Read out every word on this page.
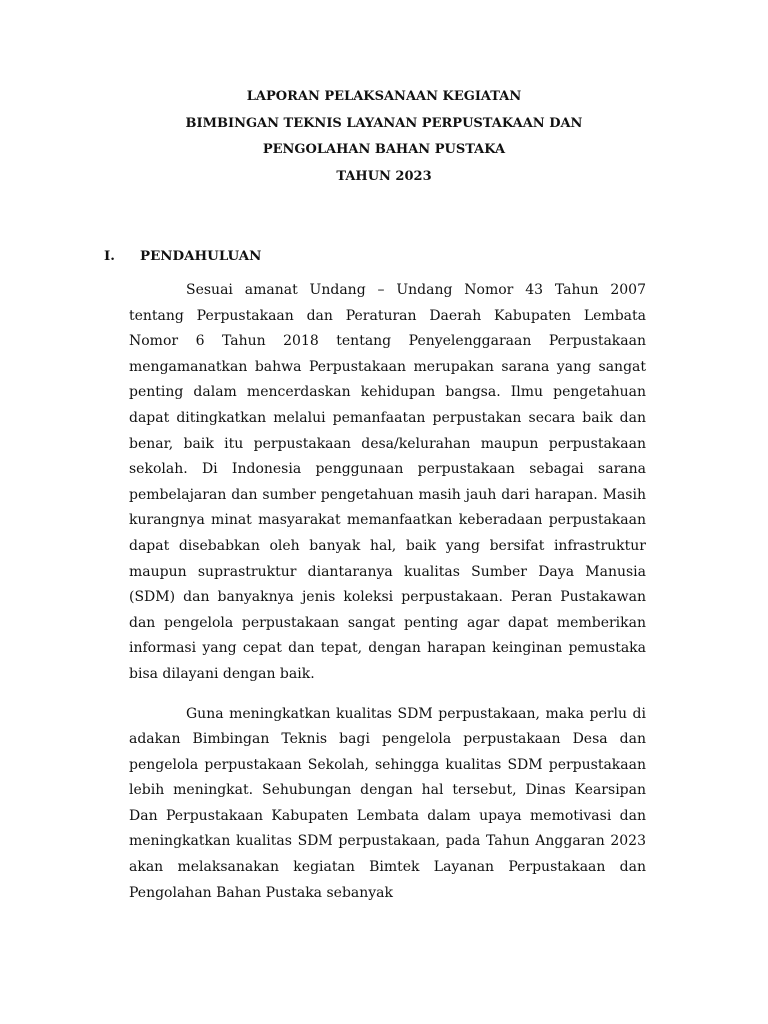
LAPORAN PELAKSANAAN KEGIATAN
BIMBINGAN TEKNIS LAYANAN PERPUSTAKAAN DAN
PENGOLAHAN BAHAN PUSTAKA
TAHUN 2023
I. PENDAHULUAN

Sesuai amanat Undang – Undang Nomor 43 Tahun 2007 tentang Perpustakaan dan Peraturan Daerah Kabupaten Lembata Nomor 6 Tahun 2018 tentang Penyelenggaraan Perpustakaan mengamanatkan bahwa Perpustakaan merupakan sarana yang sangat penting dalam mencerdaskan kehidupan bangsa. Ilmu pengetahuan dapat ditingkatkan melalui pemanfaatan perpustakan secara baik dan benar, baik itu perpustakaan desa/kelurahan maupun perpustakaan sekolah. Di Indonesia penggunaan perpustakaan sebagai sarana pembelajaran dan sumber pengetahuan masih jauh dari harapan. Masih kurangnya minat masyarakat memanfaatkan keberadaan perpustakaan dapat disebabkan oleh banyak hal, baik yang bersifat infrastruktur maupun suprastruktur diantaranya kualitas Sumber Daya Manusia (SDM) dan banyaknya jenis koleksi perpustakaan. Peran Pustakawan dan pengelola perpustakaan sangat penting agar dapat memberikan informasi yang cepat dan tepat, dengan harapan keinginan pemustaka bisa dilayani dengan baik.

Guna meningkatkan kualitas SDM perpustakaan, maka perlu di adakan Bimbingan Teknis bagi pengelola perpustakaan Desa dan pengelola perpustakaan Sekolah, sehingga kualitas SDM perpustakaan lebih meningkat. Sehubungan dengan hal tersebut, Dinas Kearsipan Dan Perpustakaan Kabupaten Lembata dalam upaya memotivasi dan meningkatkan kualitas SDM perpustakaan, pada Tahun Anggaran 2023 akan melaksanakan kegiatan Bimtek Layanan Perpustakaan dan Pengolahan Bahan Pustaka sebanyak
